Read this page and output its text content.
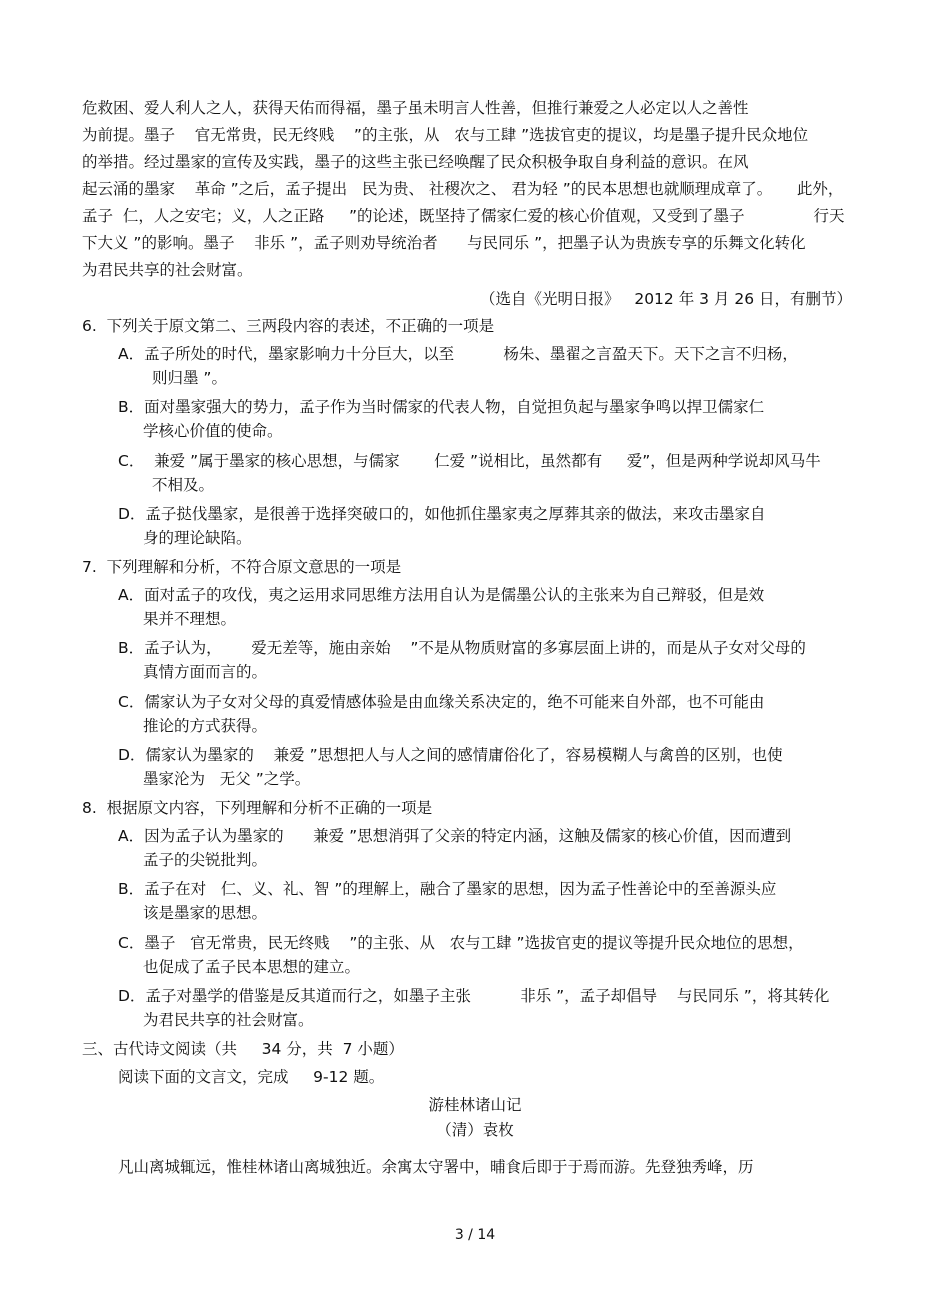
危救困、爱人利人之人，获得天佑而得福，墨子虽未明言人性善，但推行兼爱之人必定以人之善性
为前提。墨子    官无常贵，民无终贱    ”的主张，从   农与工肆 ”选拔官吏的提议，均是墨子提升民众地位
的举措。经过墨家的宣传及实践，墨子的这些主张已经唤醒了民众积极争取自身利益的意识。在风
起云涌的墨家    革命 ”之后，孟子提出   民为贵、 社稷次之、 君为轻 ”的民本思想也就顺理成章了。     此外，
孟子  仁，人之安宅；义，人之正路     ”的论述，既坚持了儒家仁爱的核心价值观，又受到了墨子              行天
下大义 ”的影响。墨子    非乐 ”，孟子则劝导统治者      与民同乐 ”，把墨子认为贵族专享的乐舞文化转化
为君民共享的社会财富。
（选自《光明日报》   2012 年 3 月 26 日，有删节）
6.  下列关于原文第二、三两段内容的表述，不正确的一项是
A．孟子所处的时代，墨家影响力十分巨大，以至          杨朱、墨翟之言盈天下。天下之言不归杨，
则归墨 ”。
B．面对墨家强大的势力，孟子作为当时儒家的代表人物，自觉担负起与墨家争鸣以捍卫儒家仁
学核心价值的使命。
C．  兼爱 ”属于墨家的核心思想，与儒家       仁爱 ”说相比，虽然都有     爱”，但是两种学说却风马牛
不相及。
D．孟子挞伐墨家，是很善于选择突破口的，如他抓住墨家夷之厚葬其亲的做法，来攻击墨家自
身的理论缺陷。
7.  下列理解和分析，不符合原文意思的一项是
A．面对孟子的攻伐，夷之运用求同思维方法用自认为是儒墨公认的主张来为自己辩驳，但是效
果并不理想。
B．孟子认为，      爱无差等，施由亲始    ”不是从物质财富的多寡层面上讲的，而是从子女对父母的
真情方面而言的。
C．儒家认为子女对父母的真爱情感体验是由血缘关系决定的，绝不可能来自外部，也不可能由
推论的方式获得。
D．儒家认为墨家的    兼爱 ”思想把人与人之间的感情庸俗化了，容易模糊人与禽兽的区别，也使
墨家沦为   无父 ”之学。
8.  根据原文内容，下列理解和分析不正确的一项是
A．因为孟子认为墨家的      兼爱 ”思想消弭了父亲的特定内涵，这触及儒家的核心价值，因而遭到
孟子的尖锐批判。
B．孟子在对   仁、义、礼、智 ”的理解上，融合了墨家的思想，因为孟子性善论中的至善源头应
该是墨家的思想。
C．墨子   官无常贵，民无终贱    ”的主张、从   农与工肆 ”选拔官吏的提议等提升民众地位的思想，
也促成了孟子民本思想的建立。
D．孟子对墨学的借鉴是反其道而行之，如墨子主张          非乐 ”，孟子却倡导    与民同乐 ”，将其转化
为君民共享的社会财富。
三、古代诗文阅读（共     34 分，共  7 小题）
阅读下面的文言文，完成     9-12 题。
游桂林诸山记
（清）袁枚
凡山离城辄远，惟桂林诸山离城独近。余寓太守署中，晡食后即于于焉而游。先登独秀峰，历
3 / 14
